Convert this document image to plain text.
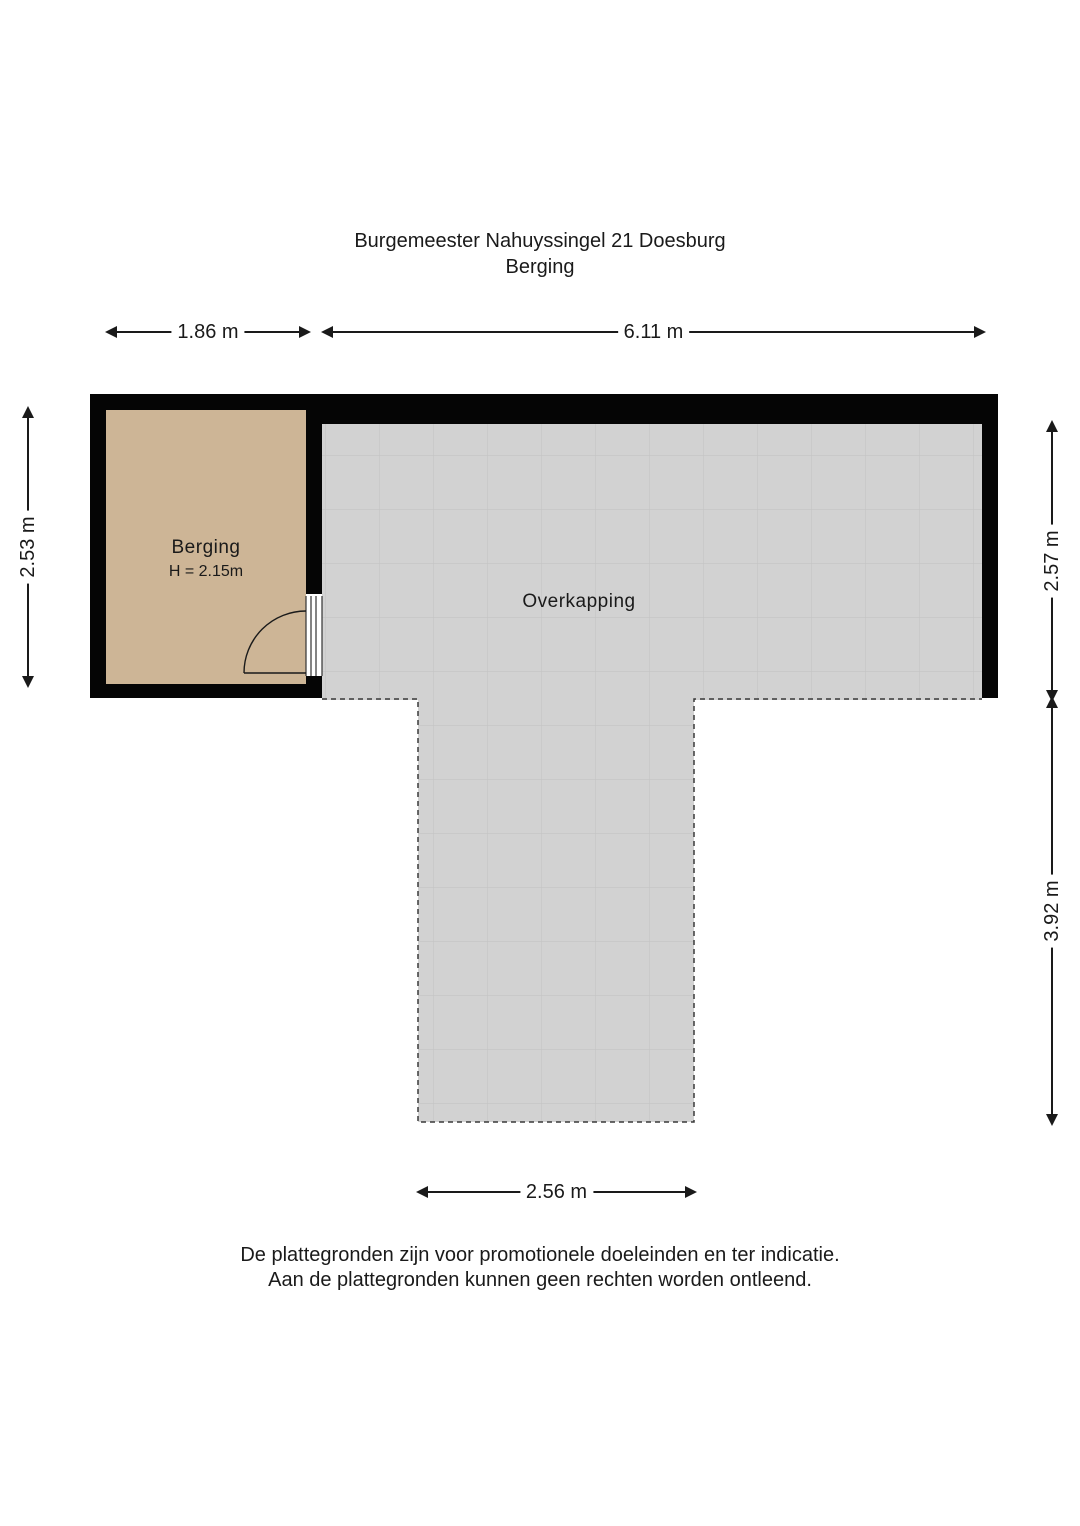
Burgemeester Nahuyssingel 21 Doesburg
Berging
Berging
H = 2.15m
Overkapping
1.86 m	6.11 m
2.56 m
2.53 m	2.57 m
3.92 m
De plattegronden zijn voor promotionele doeleinden en ter indicatie.
Aan de plattegronden kunnen geen rechten worden ontleend.
